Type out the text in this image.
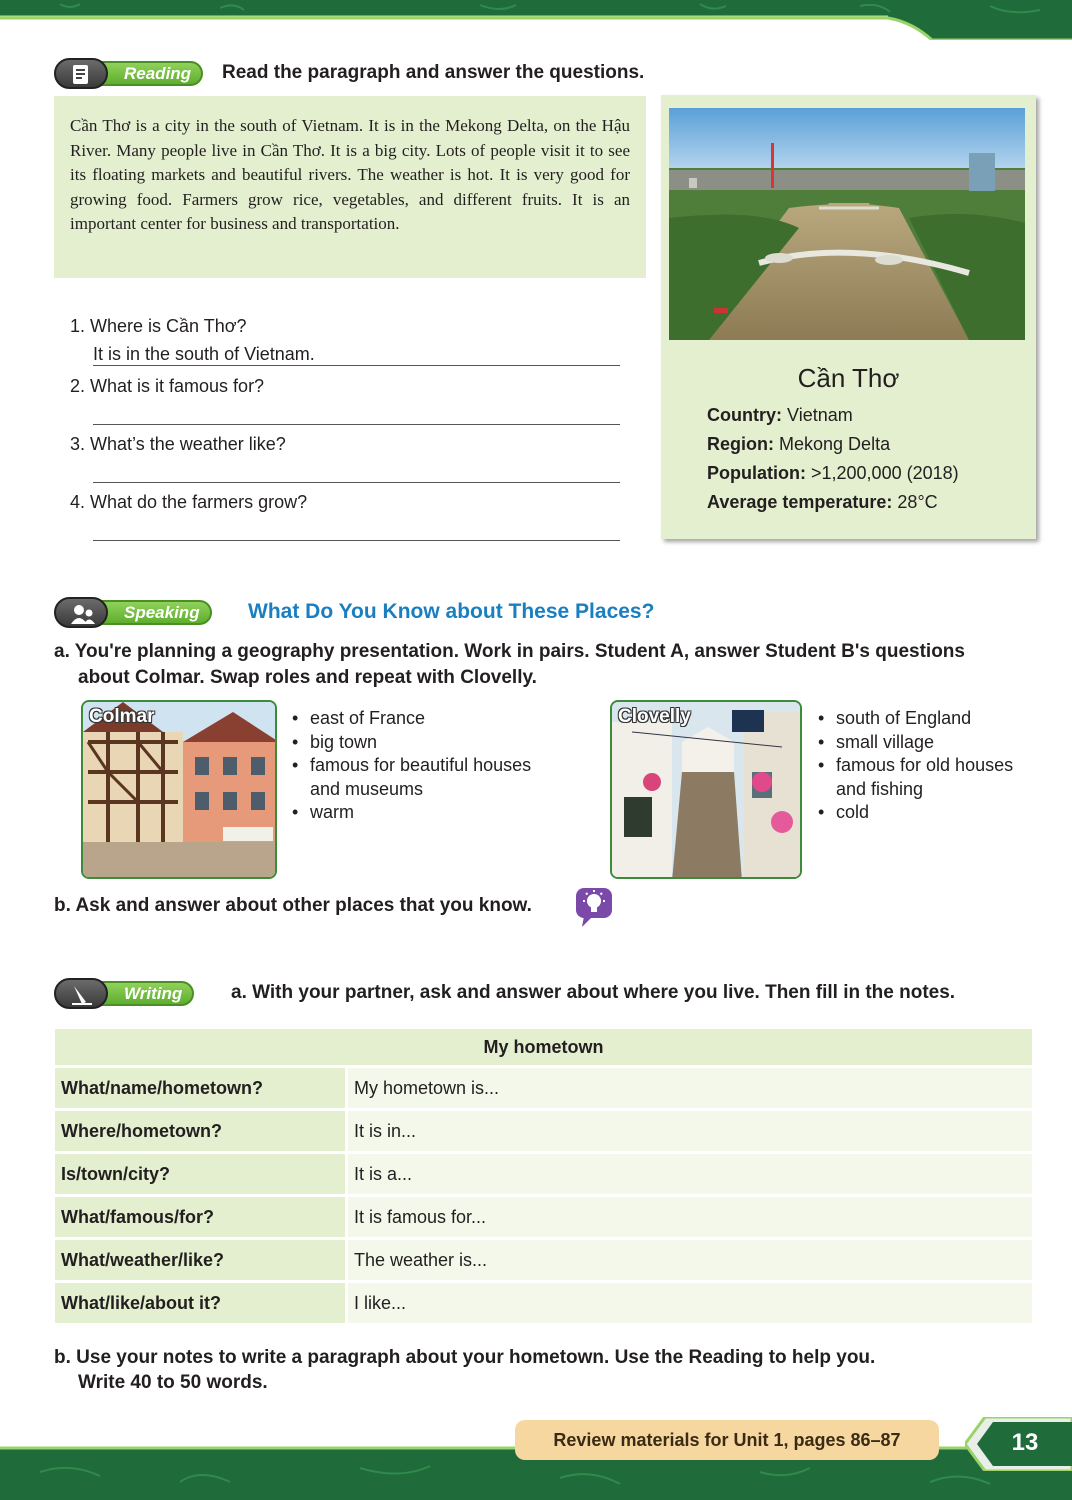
Reading	Read the paragraph and answer the questions.

Cần Thơ is a city in the south of Vietnam. It is in the Mekong Delta, on the Hậu River. Many people live in Cần Thơ. It is a big city. Lots of people visit it to see its floating markets and beautiful rivers. The weather is hot. It is very good for growing food. Farmers grow rice, vegetables, and different fruits. It is an important center for business and transportation.

1. Where is Cần Thơ?
It is in the south of Vietnam.
2. What is it famous for?
3. What’s the weather like?
4. What do the farmers grow?
Cần Thơ
Country: Vietnam
Region: Mekong Delta
Population: >1,200,000 (2018)
Average temperature: 28°C
Speaking	What Do You Know about These Places?
a. You're planning a geography presentation. Work in pairs. Student A, answer Student B's questions
about Colmar. Swap roles and repeat with Clovelly.
Colmar	• east of France
• big town
• famous for beautiful houses
and museums
• warm
Clovelly	• south of England
• small village
• famous for old houses
and fishing
• cold
b. Ask and answer about other places that you know.
Writing	a. With your partner, ask and answer about where you live. Then fill in the notes.
My hometown	
What/name/hometown?	My hometown is...
Where/hometown?	It is in...
Is/town/city?	It is a...
What/famous/for?	It is famous for...
What/weather/like?	The weather is...
What/like/about it?	I like...
b. Use your notes to write a paragraph about your hometown. Use the Reading to help you.
Write 40 to 50 words.
Review materials for Unit 1, pages 86–87	13
